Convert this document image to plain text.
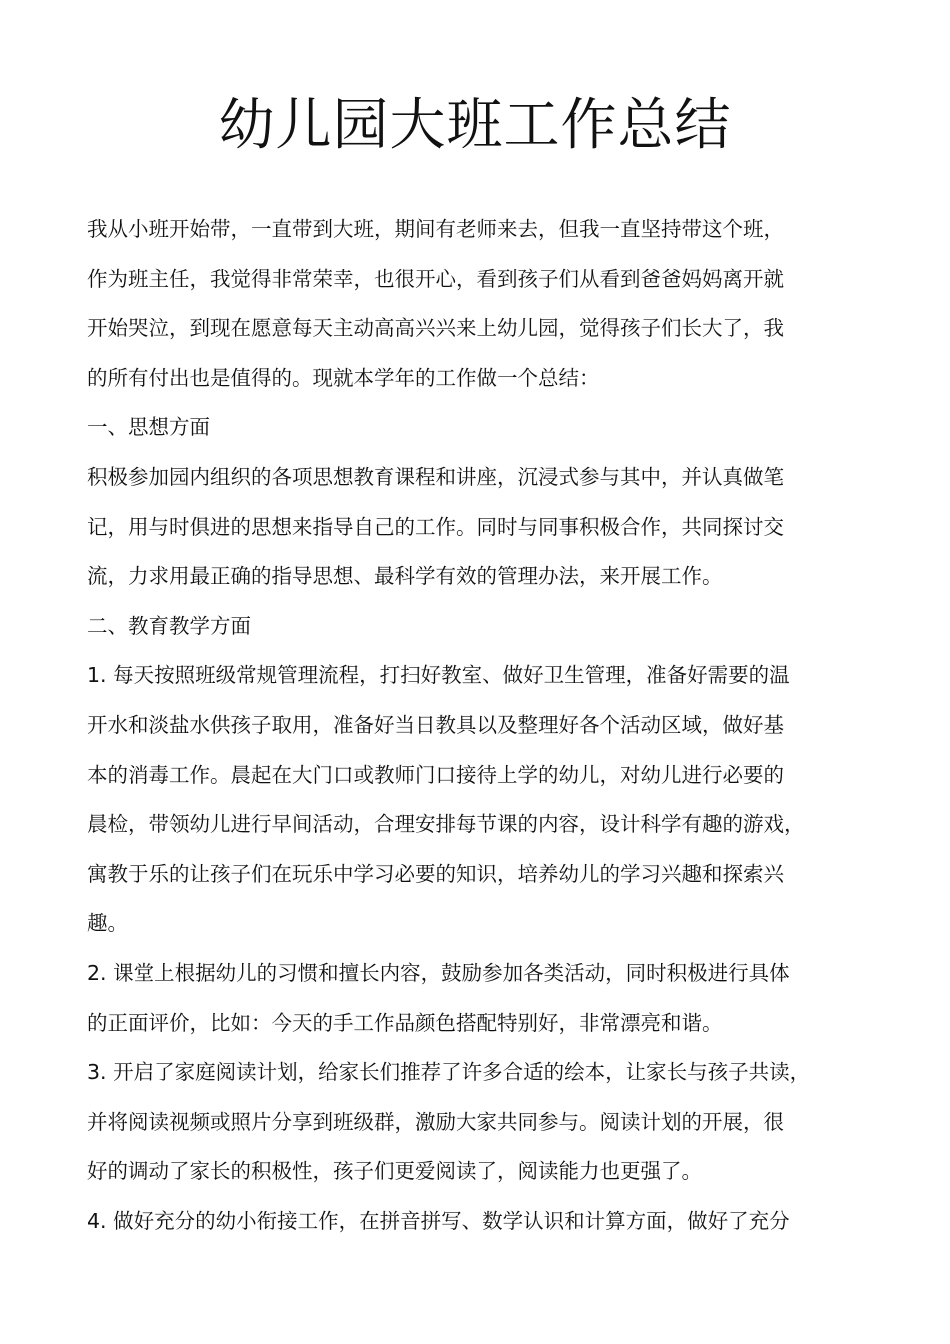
幼儿园大班工作总结

我从小班开始带，一直带到大班，期间有老师来去，但我一直坚持带这个班，
作为班主任，我觉得非常荣幸，也很开心，看到孩子们从看到爸爸妈妈离开就
开始哭泣，到现在愿意每天主动高高兴兴来上幼儿园，觉得孩子们长大了，我
的所有付出也是值得的。现就本学年的工作做一个总结：

一、思想方面

积极参加园内组织的各项思想教育课程和讲座，沉浸式参与其中，并认真做笔
记，用与时俱进的思想来指导自己的工作。同时与同事积极合作，共同探讨交
流，力求用最正确的指导思想、最科学有效的管理办法，来开展工作。

二、教育教学方面

1. 每天按照班级常规管理流程，打扫好教室、做好卫生管理，准备好需要的温
开水和淡盐水供孩子取用，准备好当日教具以及整理好各个活动区域，做好基
本的消毒工作。晨起在大门口或教师门口接待上学的幼儿，对幼儿进行必要的
晨检，带领幼儿进行早间活动，合理安排每节课的内容，设计科学有趣的游戏，
寓教于乐的让孩子们在玩乐中学习必要的知识，培养幼儿的学习兴趣和探索兴
趣。

2. 课堂上根据幼儿的习惯和擅长内容，鼓励参加各类活动，同时积极进行具体
的正面评价，比如：今天的手工作品颜色搭配特别好，非常漂亮和谐。

3. 开启了家庭阅读计划，给家长们推荐了许多合适的绘本，让家长与孩子共读，
并将阅读视频或照片分享到班级群，激励大家共同参与。阅读计划的开展，很
好的调动了家长的积极性，孩子们更爱阅读了，阅读能力也更强了。

4. 做好充分的幼小衔接工作，在拼音拼写、数学认识和计算方面，做好了充分
